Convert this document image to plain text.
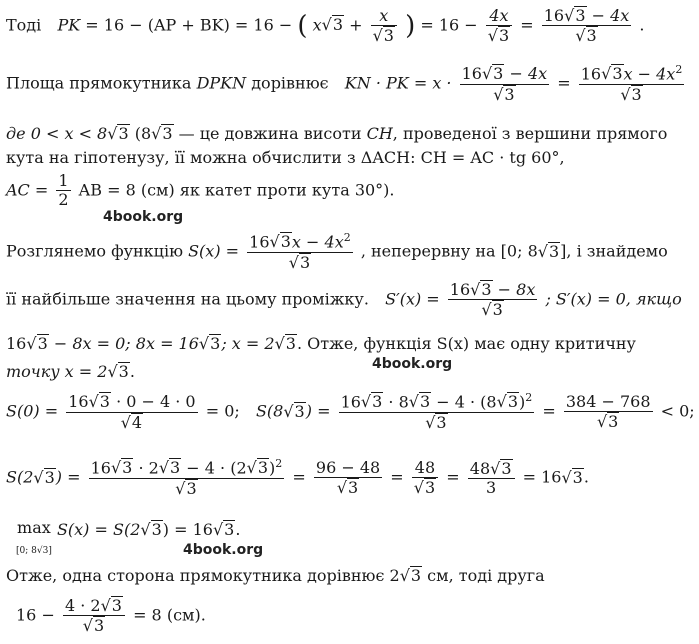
Тоді PK = 16 − (AP + BK) = 16 − ( $x√3 + \frac{x}{√3}$ ) = $16 - \frac{4x}{√3} = \frac{16√3 - 4x}{√3}$ .
Площа прямокутника DPKN дорівнює KN · PK = $x \cdot \frac{16√3 - 4x}{√3} = \frac{16√3x - 4x^2}{√3}$
де 0 < x < 8√3 (8√3 — це довжина висоти CH, проведеної з вершини прямого
кута на гіпотенузу, її можна обчислити з ΔACH: CH = AC · tg 60°,
AC = $\frac{1}{2}$ AB = 8 (см) як катет проти кута 30°).
4book.org
Розглянемо функцію $S(x) = \frac{16√3x - 4x^2}{√3}$ , неперервну на [0; 8√3], і знайдемо
її найбільше значення на цьому проміжку. $S'(x) = \frac{16√3 - 8x}{√3}$ ; S′(x) = 0, якщо
16√3 − 8x = 0; 8x = 16√3; x = 2√3. Отже, функція S(x) має одну критичну
4book.org
точку x = 2√3.
$S(0) = \frac{16√3 \cdot 0 - 4 \cdot 0}{√4} = 0$; $S(8√3) = \frac{16√3 \cdot 8√3 - 4 \cdot (8√3)^2}{√3} = \frac{384 - 768}{√3} < 0$;
$S(2√3) = \frac{16√3 \cdot 2√3 - 4 \cdot (2√3)^2}{√3} = \frac{96 - 48}{√3} = \frac{48}{√3} = \frac{48√3}{3} = 16√3$.
max
$_{[0; 8√3]}$ S(x) = S(2√3) = 16√3.
4book.org
Отже, одна сторона прямокутника дорівнює 2√3 см, тоді друга
$16 - \frac{4 \cdot 2√3}{√3} = 8$ (см).
